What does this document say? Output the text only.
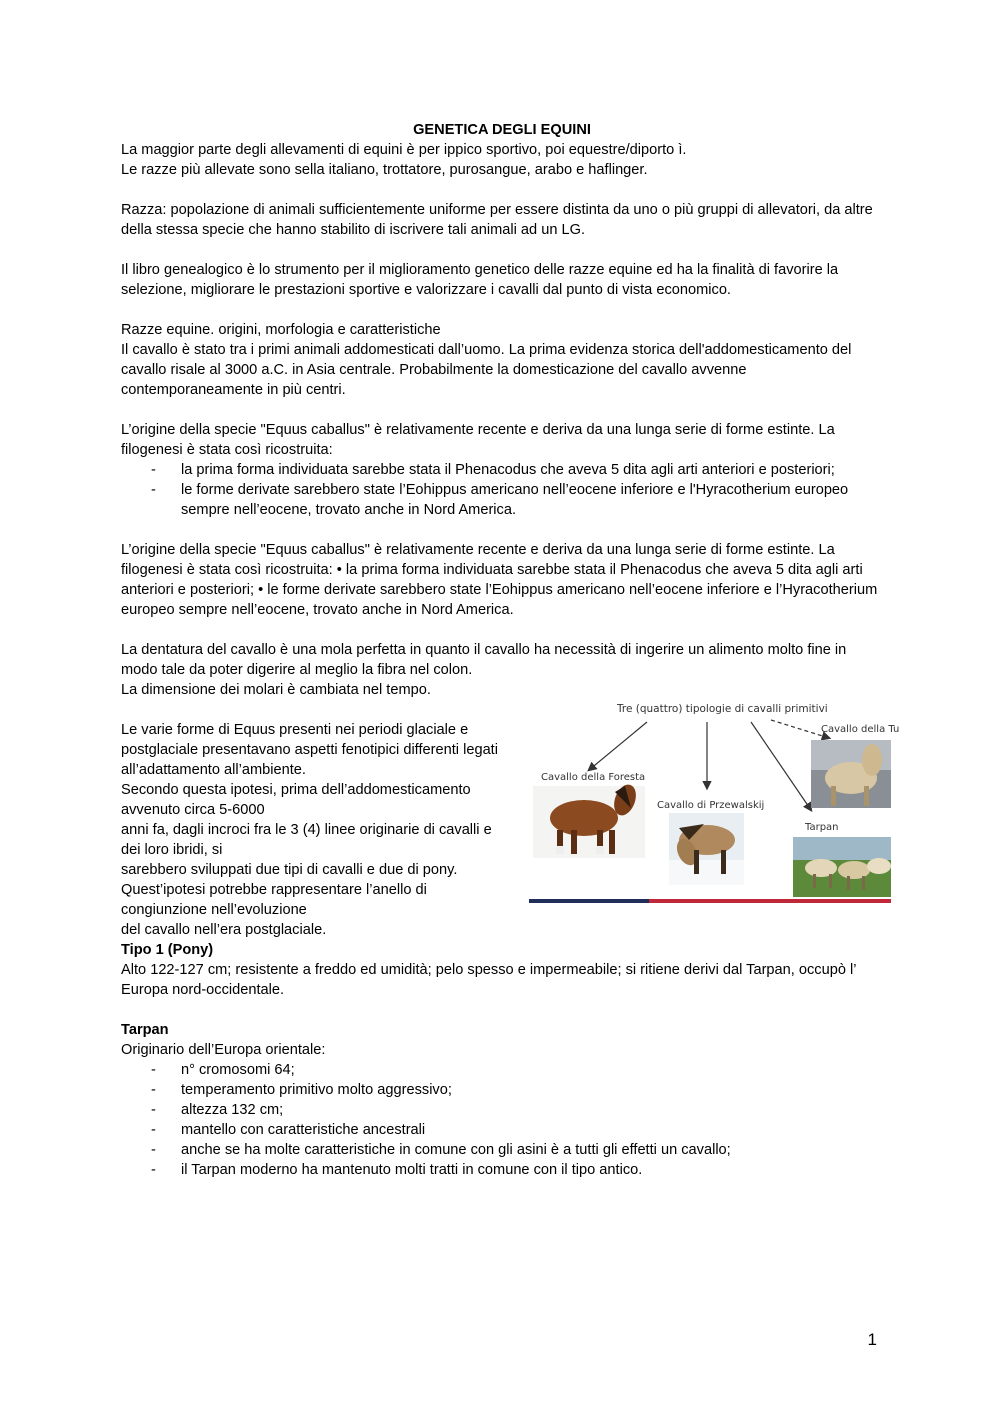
GENETICA DEGLI EQUINI
La maggior parte degli allevamenti di equini è per ippico sportivo, poi equestre/diporto ì.
Le razze più allevate sono sella italiano, trottatore, purosangue, arabo e haflinger.
Razza: popolazione di animali sufficientemente uniforme per essere distinta da uno o più gruppi di allevatori, da altre della stessa specie che hanno stabilito di iscrivere tali animali ad un LG.
Il libro genealogico è lo strumento per il miglioramento genetico delle razze equine ed ha la finalità di favorire la selezione, migliorare le prestazioni sportive e valorizzare i cavalli dal punto di vista economico.
Razze equine. origini, morfologia e caratteristiche
Il cavallo è stato tra i primi animali addomesticati dall’uomo. La prima evidenza storica dell'addomesticamento del cavallo risale al 3000 a.C. in Asia centrale. Probabilmente la domesticazione del cavallo avvenne contemporaneamente in più centri.
L’origine della specie "Equus caballus" è relativamente recente e deriva da una lunga serie di forme estinte. La filogenesi è stata così ricostruita:
- la prima forma individuata sarebbe stata il Phenacodus che aveva 5 dita agli arti anteriori e posteriori;
- le forme derivate sarebbero state l’Eohippus americano nell’eocene inferiore e l'Hyracotherium europeo sempre nell’eocene, trovato anche in Nord America.
L’origine della specie "Equus caballus" è relativamente recente e deriva da una lunga serie di forme estinte. La filogenesi è stata così ricostruita: • la prima forma individuata sarebbe stata il Phenacodus che aveva 5 dita agli arti anteriori e posteriori; • le forme derivate sarebbero state l’Eohippus americano nell’eocene inferiore e l’Hyracotherium europeo sempre nell’eocene, trovato anche in Nord America.
La dentatura del cavallo è una mola perfetta in quanto il cavallo ha necessità di ingerire un alimento molto fine in modo tale da poter digerire al meglio la fibra nel colon.
La dimensione dei molari è cambiata nel tempo.
Le varie forme di Equus presenti nei periodi glaciale e
postglaciale presentavano aspetti fenotipici differenti legati
all’adattamento all’ambiente.
Secondo questa ipotesi, prima dell’addomesticamento
avvenuto circa 5-6000
anni fa, dagli incroci fra le 3 (4) linee originarie di cavalli e
dei loro ibridi, si
sarebbero sviluppati due tipi di cavalli e due di pony.
Quest’ipotesi potrebbe rappresentare l’anello di
congiunzione nell’evoluzione
del cavallo nell’era postglaciale.
Tre (quattro) tipologie di cavalli primitivi
Cavallo della Tu
Cavallo della Foresta
Cavallo di Przewalskij
Tarpan
Tipo 1 (Pony)
Alto 122-127 cm; resistente a freddo ed umidità; pelo spesso e impermeabile; si ritiene derivi dal Tarpan, occupò l’ Europa nord-occidentale.
Tarpan
Originario dell’Europa orientale:
- n° cromosomi 64;
- temperamento primitivo molto aggressivo;
- altezza 132 cm;
- mantello con caratteristiche ancestrali
- anche se ha molte caratteristiche in comune con gli asini è a tutti gli effetti un cavallo;
- il Tarpan moderno ha mantenuto molti tratti in comune con il tipo antico.
1
